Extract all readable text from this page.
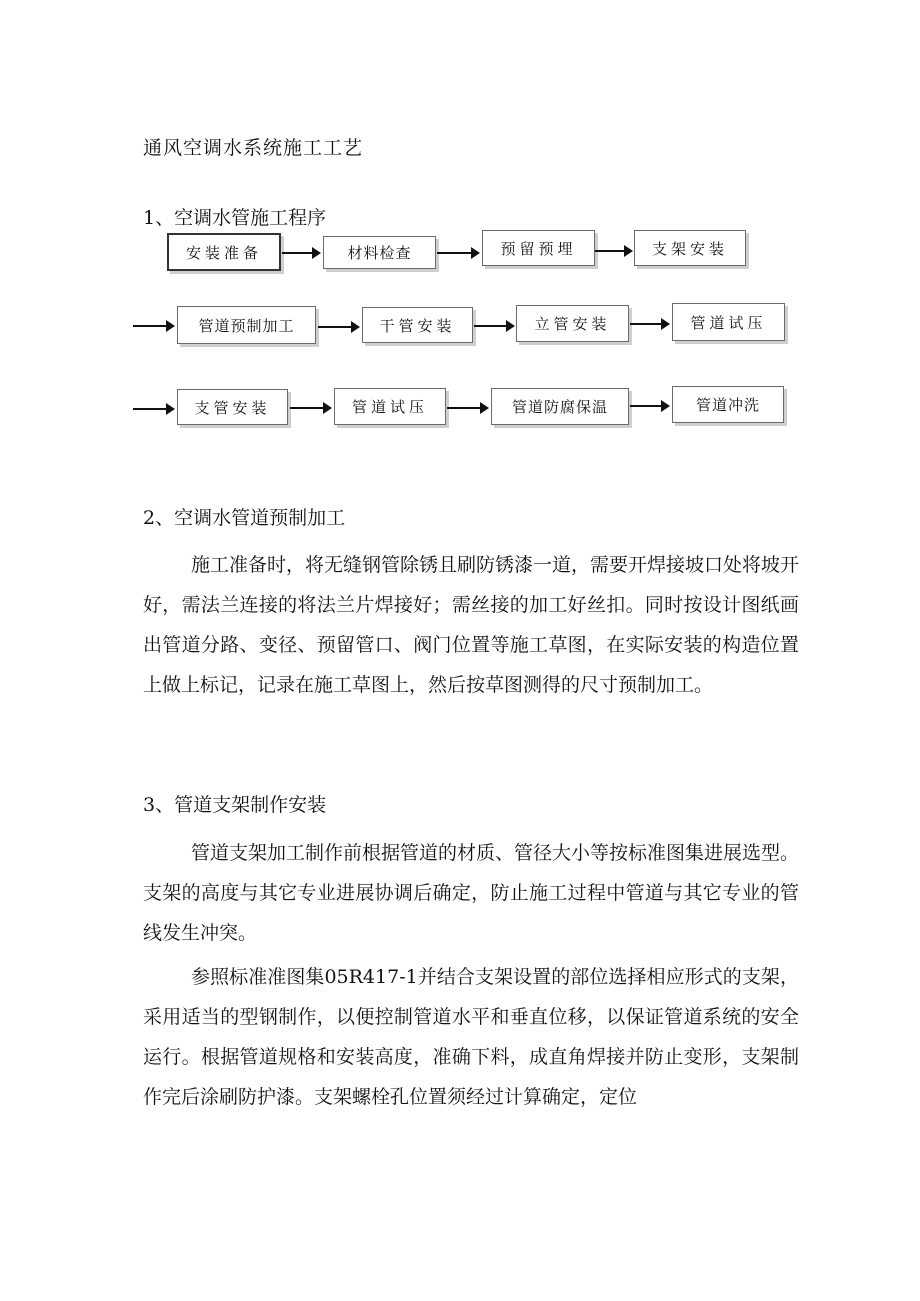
通风空调水系统施工工艺
1、空调水管施工程序
安装准备	材料检查	预留预埋	支架安装
管道预制加工	干管安装	立管安装	管道试压
支管安装	管道试压	管道防腐保温	管道冲洗
2、空调水管道预制加工

施工准备时，将无缝钢管除锈且刷防锈漆一道，需要开焊接坡口处将坡开好，需法兰连接的将法兰片焊接好；需丝接的加工好丝扣。同时按设计图纸画出管道分路、变径、预留管口、阀门位置等施工草图，在实际安装的构造位置上做上标记，记录在施工草图上，然后按草图测得的尺寸预制加工。

3、管道支架制作安装

管道支架加工制作前根据管道的材质、管径大小等按标准图集进展选型。支架的高度与其它专业进展协调后确定，防止施工过程中管道与其它专业的管线发生冲突。

参照标准准图集05R417-1并结合支架设置的部位选择相应形式的支架，采用适当的型钢制作，以便控制管道水平和垂直位移，以保证管道系统的安全运行。根据管道规格和安装高度，准确下料，成直角焊接并防止变形，支架制作完后涂刷防护漆。支架螺栓孔位置须经过计算确定，定位
